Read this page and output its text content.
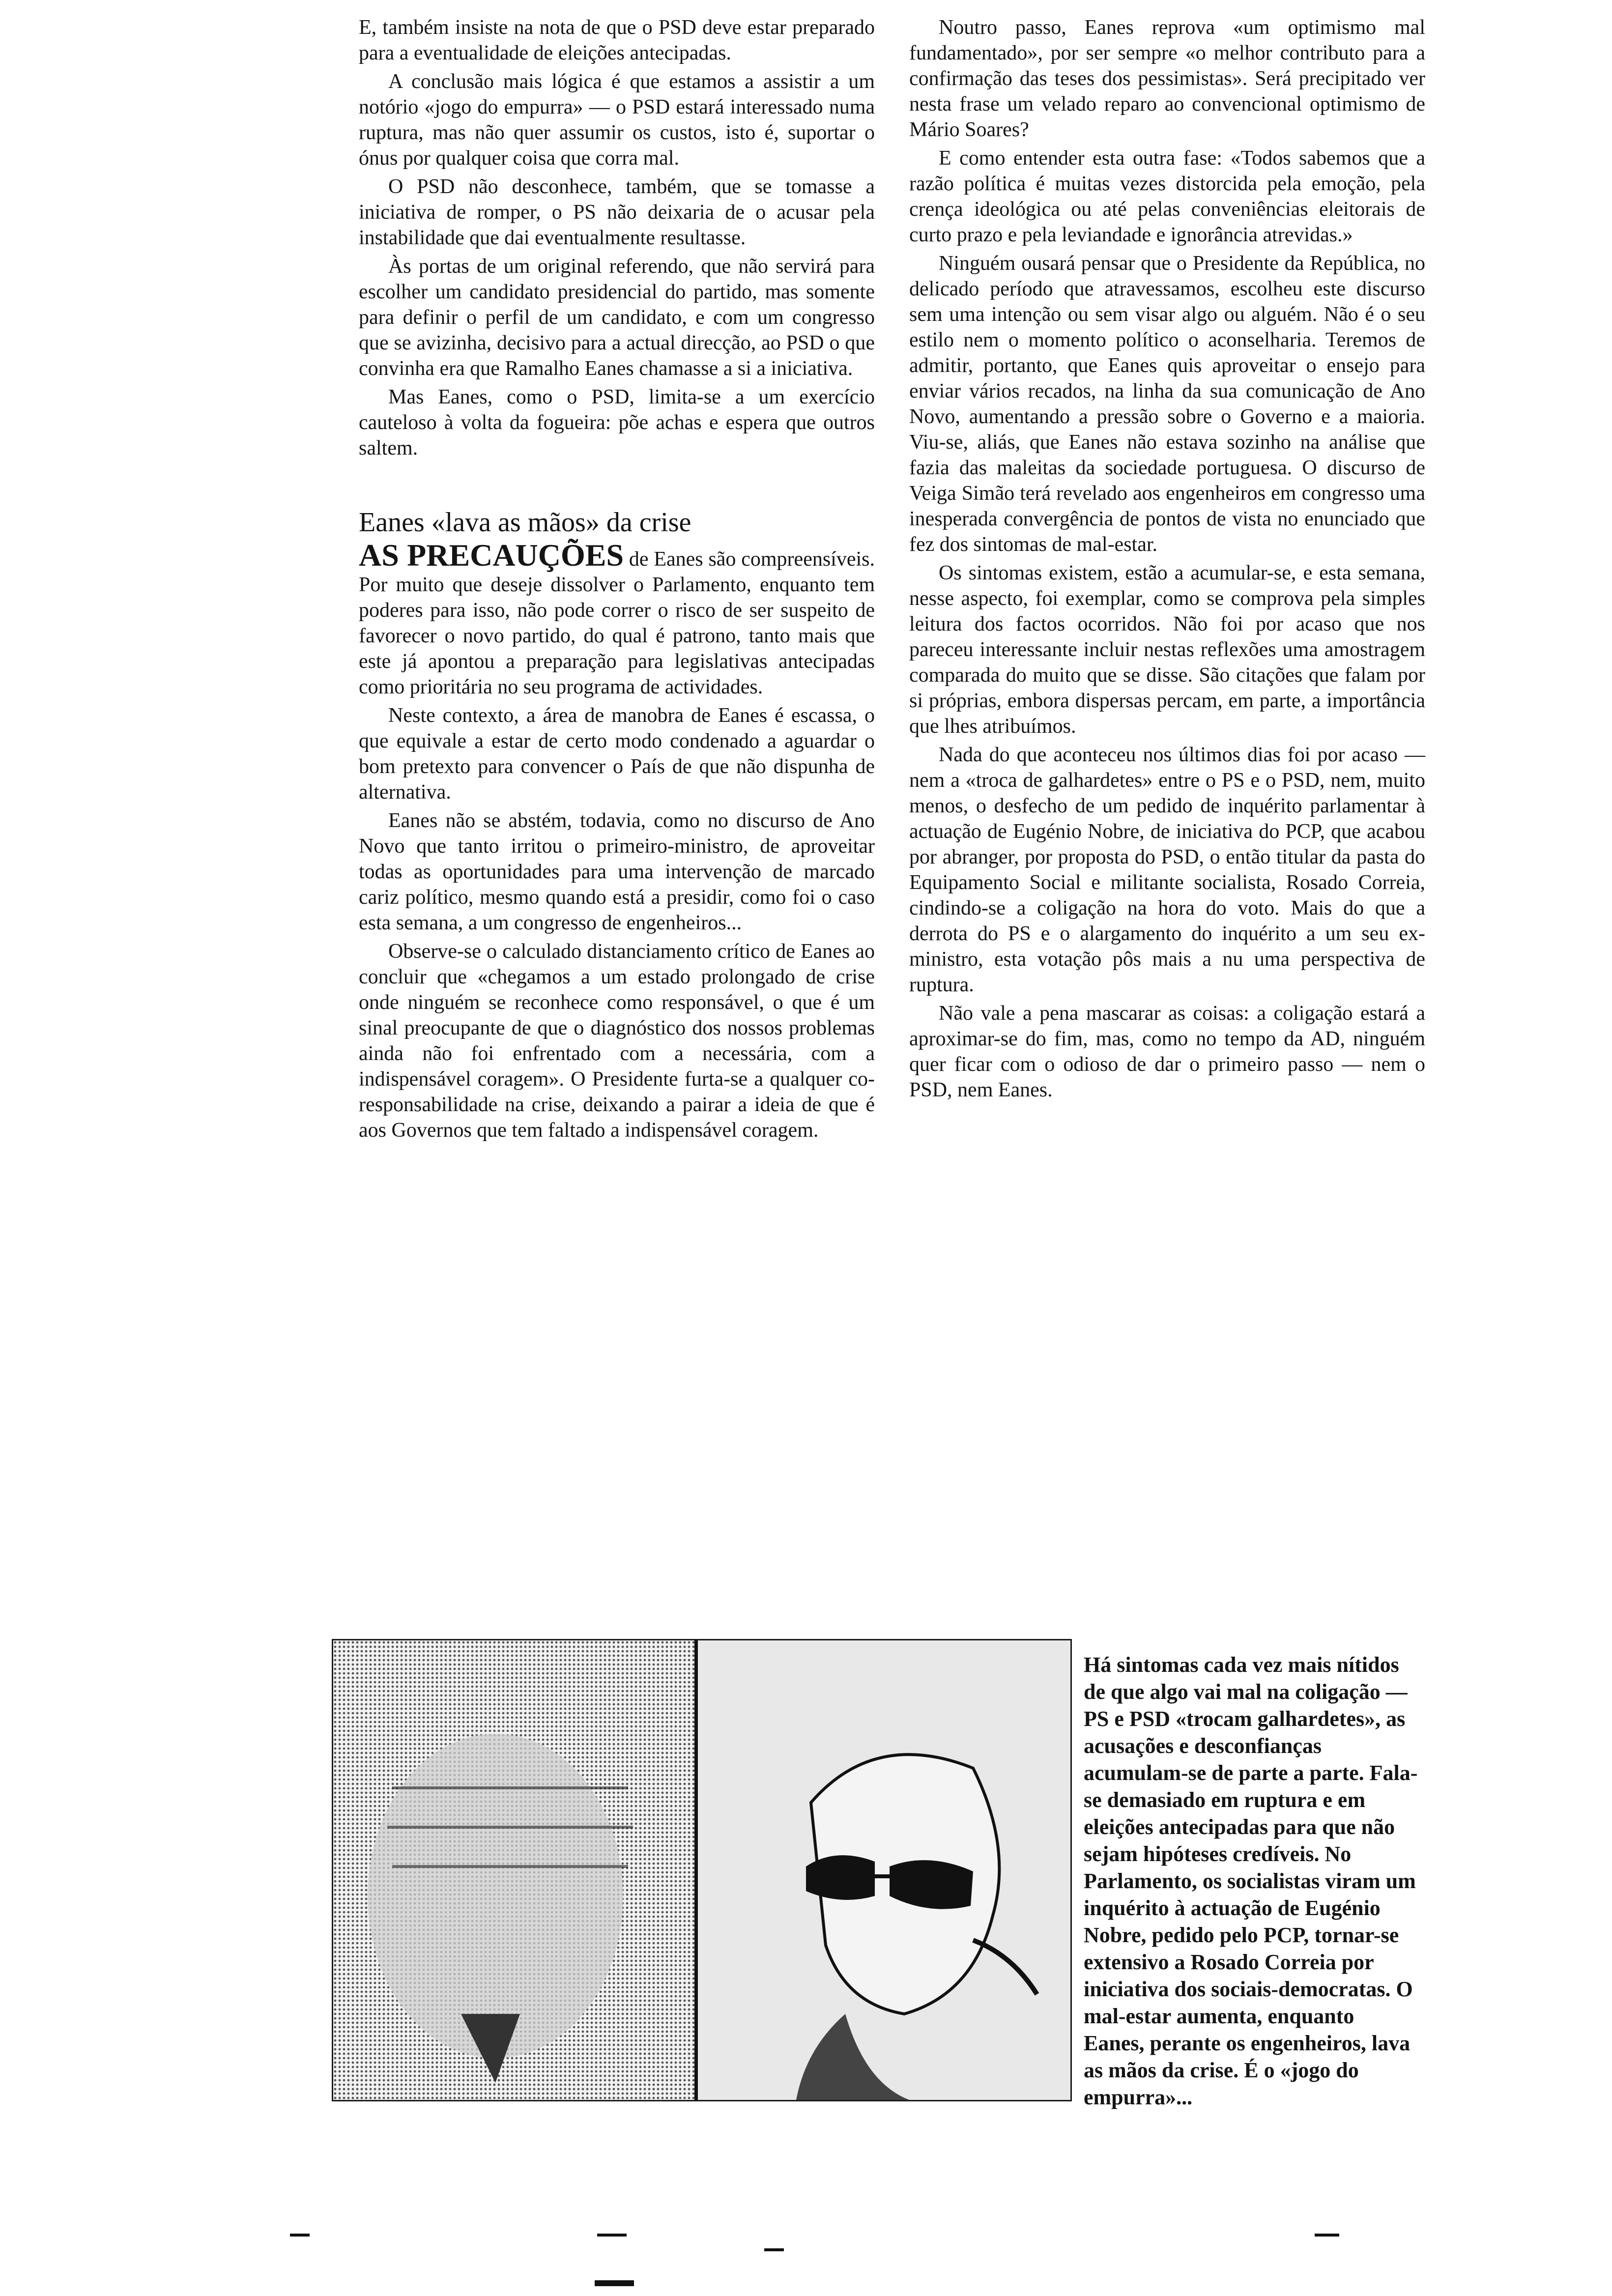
E, também insiste na nota de que o PSD deve estar preparado para a eventualidade de eleições antecipadas.

A conclusão mais lógica é que estamos a assistir a um notório «jogo do empurra» — o PSD estará interessado numa ruptura, mas não quer assumir os custos, isto é, suportar o ónus por qualquer coisa que corra mal.

O PSD não desconhece, também, que se tomasse a iniciativa de romper, o PS não deixaria de o acusar pela instabilidade que dai eventualmente resultasse.

Às portas de um original referendo, que não servirá para escolher um candidato presidencial do partido, mas somente para definir o perfil de um candidato, e com um congresso que se avizinha, decisivo para a actual direcção, ao PSD o que convinha era que Ramalho Eanes chamasse a si a iniciativa.

Mas Eanes, como o PSD, limita-se a um exercício cauteloso à volta da fogueira: põe achas e espera que outros saltem.

Eanes «lava as mãos» da crise

AS PRECAUÇÕES de Eanes são compreensíveis. Por muito que deseje dissolver o Parlamento, enquanto tem poderes para isso, não pode correr o risco de ser suspeito de favorecer o novo partido, do qual é patrono, tanto mais que este já apontou a preparação para legislativas antecipadas como prioritária no seu programa de actividades.

Neste contexto, a área de manobra de Eanes é escassa, o que equivale a estar de certo modo condenado a aguardar o bom pretexto para convencer o País de que não dispunha de alternativa.

Eanes não se abstém, todavia, como no discurso de Ano Novo que tanto irritou o primeiro-ministro, de aproveitar todas as oportunidades para uma intervenção de marcado cariz político, mesmo quando está a presidir, como foi o caso esta semana, a um congresso de engenheiros...

Observe-se o calculado distanciamento crítico de Eanes ao concluir que «chegamos a um estado prolongado de crise onde ninguém se reconhece como responsável, o que é um sinal preocupante de que o diagnóstico dos nossos problemas ainda não foi enfrentado com a necessária, com a indispensável coragem». O Presidente furta-se a qualquer co-responsabilidade na crise, deixando a pairar a ideia de que é aos Governos que tem faltado a indispensável coragem.

Noutro passo, Eanes reprova «um optimismo mal fundamentado», por ser sempre «o melhor contributo para a confirmação das teses dos pessimistas». Será precipitado ver nesta frase um velado reparo ao convencional optimismo de Mário Soares?

E como entender esta outra fase: «Todos sabemos que a razão política é muitas vezes distorcida pela emoção, pela crença ideológica ou até pelas conveniências eleitorais de curto prazo e pela leviandade e ignorância atrevidas.»

Ninguém ousará pensar que o Presidente da República, no delicado período que atravessamos, escolheu este discurso sem uma intenção ou sem visar algo ou alguém. Não é o seu estilo nem o momento político o aconselharia. Teremos de admitir, portanto, que Eanes quis aproveitar o ensejo para enviar vários recados, na linha da sua comunicação de Ano Novo, aumentando a pressão sobre o Governo e a maioria. Viu-se, aliás, que Eanes não estava sozinho na análise que fazia das maleitas da sociedade portuguesa. O discurso de Veiga Simão terá revelado aos engenheiros em congresso uma inesperada convergência de pontos de vista no enunciado que fez dos sintomas de mal-estar.

Os sintomas existem, estão a acumular-se, e esta semana, nesse aspecto, foi exemplar, como se comprova pela simples leitura dos factos ocorridos. Não foi por acaso que nos pareceu interessante incluir nestas reflexões uma amostragem comparada do muito que se disse. São citações que falam por si próprias, embora dispersas percam, em parte, a importância que lhes atribuímos.

Nada do que aconteceu nos últimos dias foi por acaso — nem a «troca de galhardetes» entre o PS e o PSD, nem, muito menos, o desfecho de um pedido de inquérito parlamentar à actuação de Eugénio Nobre, de iniciativa do PCP, que acabou por abranger, por proposta do PSD, o então titular da pasta do Equipamento Social e militante socialista, Rosado Correia, cindindo-se a coligação na hora do voto. Mais do que a derrota do PS e o alargamento do inquérito a um seu ex-ministro, esta votação pôs mais a nu uma perspectiva de ruptura.

Não vale a pena mascarar as coisas: a coligação estará a aproximar-se do fim, mas, como no tempo da AD, ninguém quer ficar com o odioso de dar o primeiro passo — nem o PSD, nem Eanes.

Há sintomas cada vez mais nítidos de que algo vai mal na coligação — PS e PSD «trocam galhardetes», as acusações e desconfianças acumulam-se de parte a parte. Fala-se demasiado em ruptura e em eleições antecipadas para que não sejam hipóteses credíveis. No Parlamento, os socialistas viram um inquérito à actuação de Eugénio Nobre, pedido pelo PCP, tornar-se extensivo a Rosado Correia por iniciativa dos sociais-democratas. O mal-estar aumenta, enquanto Eanes, perante os engenheiros, lava as mãos da crise. É o «jogo do empurra»...
